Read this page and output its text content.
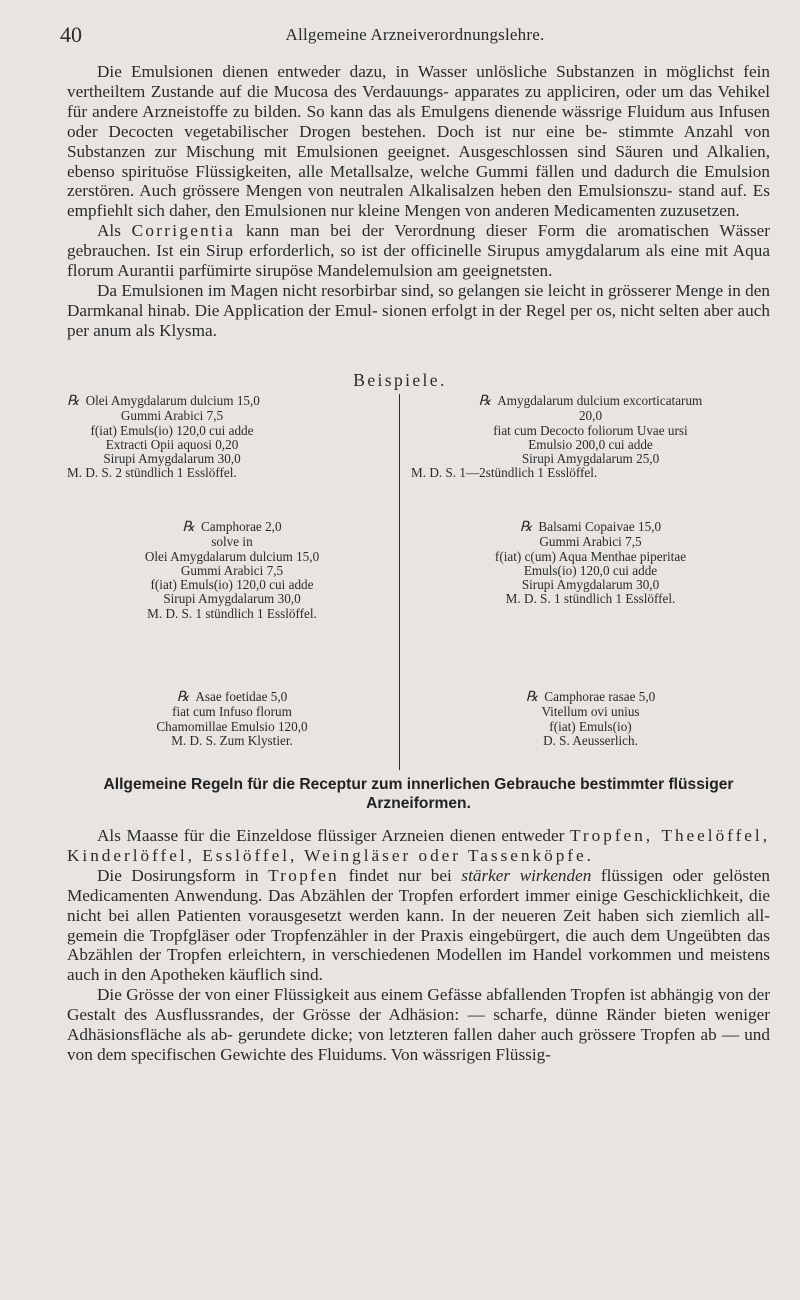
40	Allgemeine Arzneiverordnungslehre.

Die Emulsionen dienen entweder dazu, in Wasser unlösliche Substanzen in möglichst fein vertheiltem Zustande auf die Mucosa des Verdauungs- apparates zu appliciren, oder um das Vehikel für andere Arzneistoffe zu bilden. So kann das als Emulgens dienende wässrige Fluidum aus Infusen oder Decocten vegetabilischer Drogen bestehen. Doch ist nur eine be- stimmte Anzahl von Substanzen zur Mischung mit Emulsionen geeignet. Ausgeschlossen sind Säuren und Alkalien, ebenso spirituöse Flüssigkeiten, alle Metallsalze, welche Gummi fällen und dadurch die Emulsion zerstören. Auch grössere Mengen von neutralen Alkalisalzen heben den Emulsionszu- stand auf. Es empfiehlt sich daher, den Emulsionen nur kleine Mengen von anderen Medicamenten zuzusetzen.

Als Corrigentia kann man bei der Verordnung dieser Form die aromatischen Wässer gebrauchen. Ist ein Sirup erforderlich, so ist der officinelle Sirupus amygdalarum als eine mit Aqua florum Aurantii parfümirte sirupöse Mandelemulsion am geeignetsten.

Da Emulsionen im Magen nicht resorbirbar sind, so gelangen sie leicht in grösserer Menge in den Darmkanal hinab. Die Application der Emul- sionen erfolgt in der Regel per os, nicht selten aber auch per anum als Klysma.

Beispiele.
℞ Olei Amygdalarum dulcium 15,0
Gummi Arabici 7,5
f(iat) Emuls(io) 120,0 cui adde
Extracti Opii aquosi 0,20
Sirupi Amygdalarum 30,0
M. D. S. 2 stündlich 1 Esslöffel.
℞ Camphorae 2,0
solve in
Olei Amygdalarum dulcium 15,0
Gummi Arabici 7,5
f(iat) Emuls(io) 120,0 cui adde
Sirupi Amygdalarum 30,0
M. D. S. 1 stündlich 1 Esslöffel.
℞ Asae foetidae 5,0
fiat cum Infuso florum
Chamomillae Emulsio 120,0
M. D. S. Zum Klystier.
℞ Amygdalarum dulcium excorticatarum
20,0
fiat cum Decocto foliorum Uvae ursi
Emulsio 200,0 cui adde
Sirupi Amygdalarum 25,0
M. D. S. 1—2stündlich 1 Esslöffel.
℞ Balsami Copaivae 15,0
Gummi Arabici 7,5
f(iat) c(um) Aqua Menthae piperitae
Emuls(io) 120,0 cui adde
Sirupi Amygdalarum 30,0
M. D. S. 1 stündlich 1 Esslöffel.
℞ Camphorae rasae 5,0
Vitellum ovi unius
f(iat) Emuls(io)
D. S. Aeusserlich.
Allgemeine Regeln für die Receptur zum innerlichen Gebrauche bestimmter flüssiger Arzneiformen.

Als Maasse für die Einzeldose flüssiger Arzneien dienen entweder Tropfen, Theelöffel, Kinderlöffel, Esslöffel, Weingläser oder Tassenköpfe.

Die Dosirungsform in Tropfen findet nur bei stärker wirkenden flüssigen oder gelösten Medicamenten Anwendung. Das Abzählen der Tropfen erfordert immer einige Geschicklichkeit, die nicht bei allen Patienten vorausgesetzt werden kann. In der neueren Zeit haben sich ziemlich all- gemein die Tropfgläser oder Tropfenzähler in der Praxis eingebürgert, die auch dem Ungeübten das Abzählen der Tropfen erleichtern, in verschiedenen Modellen im Handel vorkommen und meistens auch in den Apotheken käuflich sind.

Die Grösse der von einer Flüssigkeit aus einem Gefässe abfallenden Tropfen ist abhängig von der Gestalt des Ausflussrandes, der Grösse der Adhäsion: — scharfe, dünne Ränder bieten weniger Adhäsionsfläche als ab- gerundete dicke; von letzteren fallen daher auch grössere Tropfen ab — und von dem specifischen Gewichte des Fluidums. Von wässrigen Flüssig-
